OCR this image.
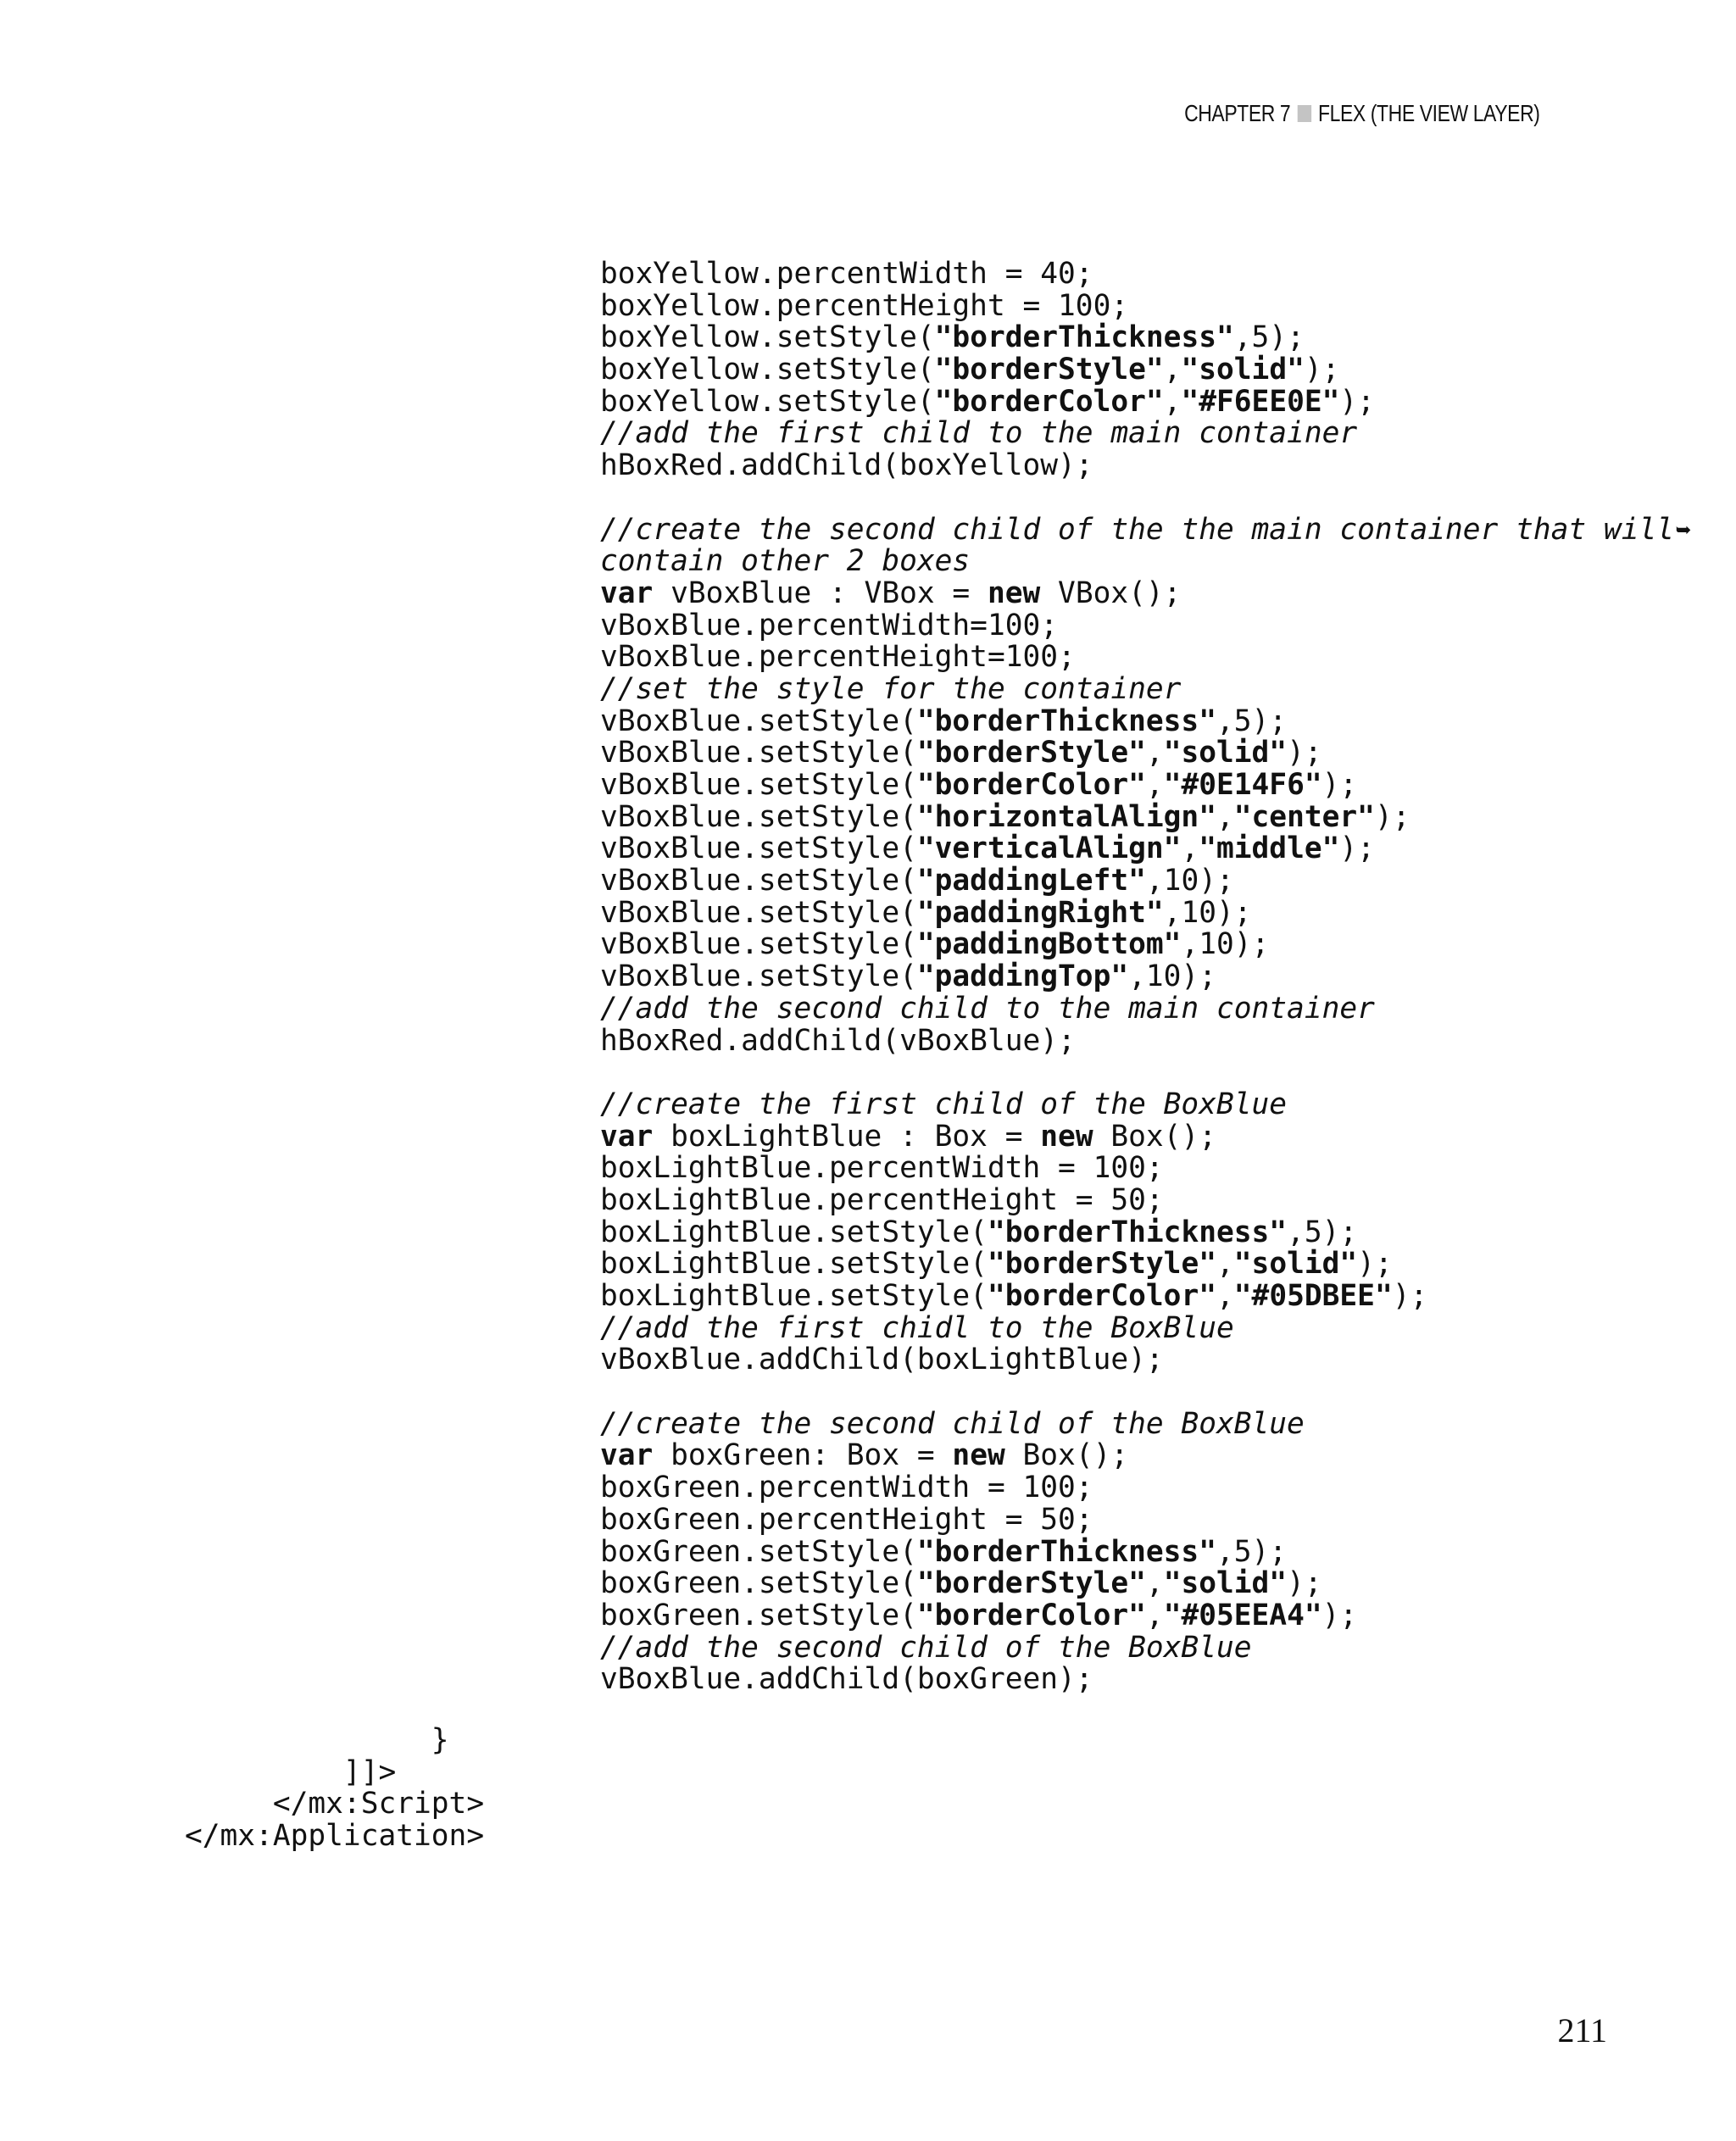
CHAPTER 7 FLEX (THE VIEW LAYER)
boxYellow.percentWidth = 40;
boxYellow.percentHeight = 100;
boxYellow.setStyle("borderThickness",5);
boxYellow.setStyle("borderStyle","solid");
boxYellow.setStyle("borderColor","#F6EE0E");
//add the first child to the main container
hBoxRed.addChild(boxYellow);
//create the second child of the the main container that will➥
contain other 2 boxes
var vBoxBlue : VBox = new VBox();
vBoxBlue.percentWidth=100;
vBoxBlue.percentHeight=100;
//set the style for the container
vBoxBlue.setStyle("borderThickness",5);
vBoxBlue.setStyle("borderStyle","solid");
vBoxBlue.setStyle("borderColor","#0E14F6");
vBoxBlue.setStyle("horizontalAlign","center");
vBoxBlue.setStyle("verticalAlign","middle");
vBoxBlue.setStyle("paddingLeft",10);
vBoxBlue.setStyle("paddingRight",10);
vBoxBlue.setStyle("paddingBottom",10);
vBoxBlue.setStyle("paddingTop",10);
//add the second child to the main container
hBoxRed.addChild(vBoxBlue);
//create the first child of the BoxBlue
var boxLightBlue : Box = new Box();
boxLightBlue.percentWidth = 100;
boxLightBlue.percentHeight = 50;
boxLightBlue.setStyle("borderThickness",5);
boxLightBlue.setStyle("borderStyle","solid");
boxLightBlue.setStyle("borderColor","#05DBEE");
//add the first chidl to the BoxBlue
vBoxBlue.addChild(boxLightBlue);
//create the second child of the BoxBlue
var boxGreen: Box = new Box();
boxGreen.percentWidth = 100;
boxGreen.percentHeight = 50;
boxGreen.setStyle("borderThickness",5);
boxGreen.setStyle("borderStyle","solid");
boxGreen.setStyle("borderColor","#05EEA4");
//add the second child of the BoxBlue
vBoxBlue.addChild(boxGreen);
}
]]>
</mx:Script>
</mx:Application>
211
